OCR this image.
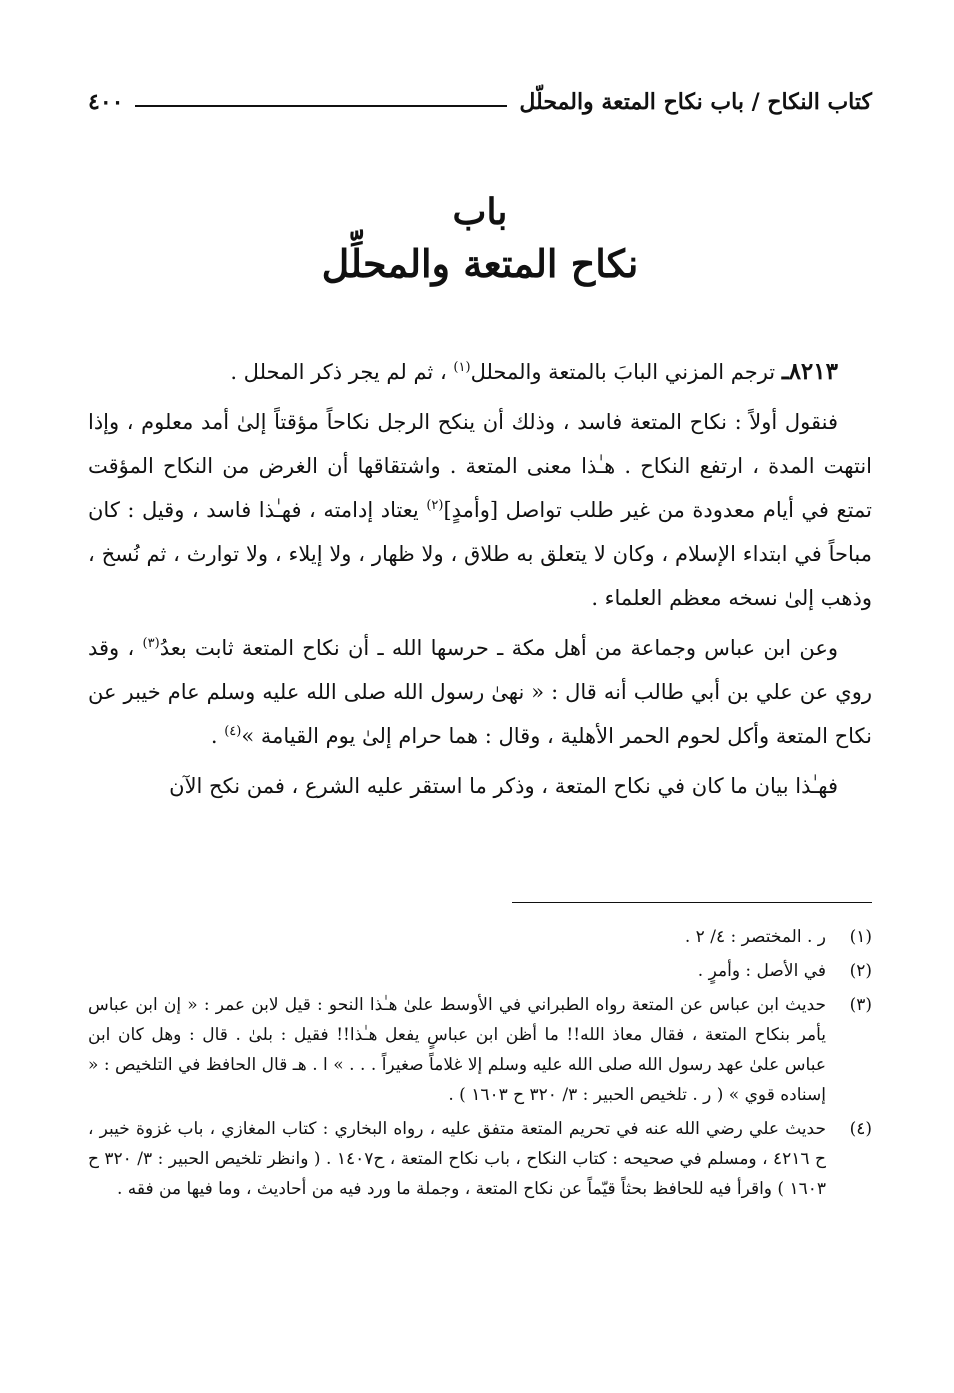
كتاب النكاح / باب نكاح المتعة والمحلّل
٤٠٠
باب
نكاح المتعة والمحلِّل

٨٢١٣ـ ترجم المزني البابَ بالمتعة والمحلل$^{(١)}$ ، ثم لم يجر ذكر المحلل .

فنقول أولاً : نكاح المتعة فاسد ، وذلك أن ينكح الرجل نكاحاً مؤقتاً إلىٰ أمد معلوم ، وإذا انتهت المدة ، ارتفع النكاح . هـٰذا معنى المتعة . واشتقاقها أن الغرض من النكاح المؤقت تمتع في أيام معدودة من غير طلب تواصل [وأمدٍ]$^{(٢)}$ يعتاد إدامته ، فهـٰذا فاسد ، وقيل : كان مباحاً في ابتداء الإسلام ، وكان لا يتعلق به طلاق ، ولا ظهار ، ولا إيلاء ، ولا توارث ، ثم نُسخ ، وذهب إلىٰ نسخه معظم العلماء .

وعن ابن عباس وجماعة من أهل مكة ـ حرسها الله ـ أن نكاح المتعة ثابت بعدُ$^{(٣)}$ ، وقد روي عن علي بن أبي طالب أنه قال : « نهىٰ رسول الله صلى الله عليه وسلم عام خيبر عن نكاح المتعة وأكل لحوم الحمر الأهلية ، وقال : هما حرام إلىٰ يوم القيامة »$^{(٤)}$ .

فهـٰذا بيان ما كان في نكاح المتعة ، وذكر ما استقر عليه الشرع ، فمن نكح الآن

(١)
ر . المختصر : ٤/ ٢ .
(٢)
في الأصل : وأمرٍ .
(٣)
حديث ابن عباس عن المتعة رواه الطبراني في الأوسط علىٰ هـٰذا النحو : قيل لابن عمر : « إن ابن عباس يأمر بنكاح المتعة ، فقال معاذ الله!! ما أظن ابن عباسٍ يفعل هـٰذا!! فقيل : بلىٰ . قال : وهل كان ابن عباس علىٰ عهد رسول الله صلى الله عليه وسلم إلا غلاماً صغيراً . . . » ا . هـ قال الحافظ في التلخيص : « إسناده قوي » ( ر . تلخيص الحبير : ٣/ ٣٢٠ ح ١٦٠٣ ) .
(٤)
حديث علي رضي الله عنه في تحريم المتعة متفق عليه ، رواه البخاري : كتاب المغازي ، باب غزوة خيبر ، ح ٤٢١٦ ، ومسلم في صحيحه : كتاب النكاح ، باب نكاح المتعة ، ح١٤٠٧ . ( وانظر تلخيص الحبير : ٣/ ٣٢٠ ح ١٦٠٣ ) واقرأ فيه للحافظ بحثاً قيّماً عن نكاح المتعة ، وجملة ما ورد فيه من أحاديث ، وما فيها من فقه .
